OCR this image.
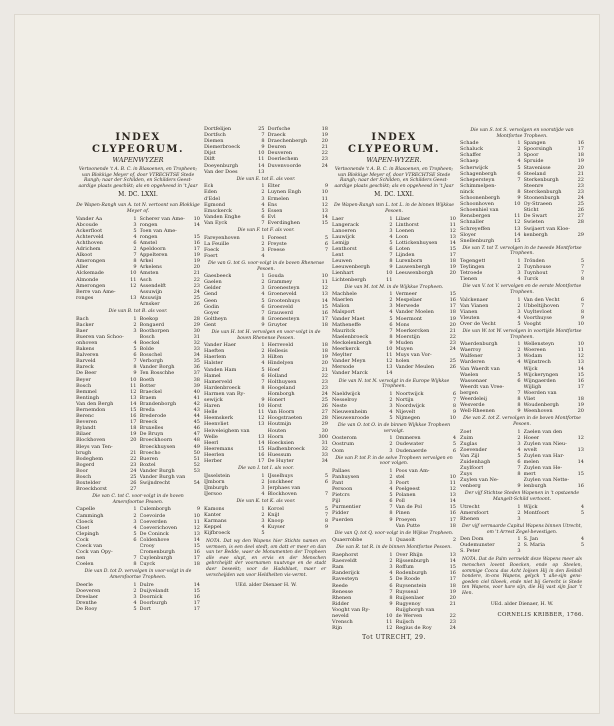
INDEX CLYPEORUM.
WAPENWYZER
Vertoonende 't A. B. C. in Blasoenen, en Tropheen; van Blokkige Meyer of, door VTRECHTSE Stede Rangh; naar der Schilden, en Schilders Geest-aardige plaats geschikt; als en opgeheesd in 't Jaar
M. DC. LXXI.
De Wapen-Rangh van A. tot N. vertoont van Blokkige Meyer of.
Vander Aa	1 Scherer van Ame-	10
Abcoude	3 rongen	14
Ackerfloot	5 Toen van Ame-
Achterveld	4 rongen	15
Achthoven	6 Amstel	16
Adrichem	2 Apeldoorn	17
Alkoot	7 Appelteren	19
Amerongen	8 Arkel	19
Aller	9 Arkelens	20
Alckemade	10 Amsten	21
Almonde	11 Asch	22
Amerongen	12 Assendelft	23
Berre van Ame-	Assuwijn	24
ronges	13 Atsuwijn	25
Arnsker	26
Die van B. tot B. als voor.
Bach	1 Boekop	28
Backer	2 Bongaerd	29
Baer	3 Boothorpen	30
Bueren van Schoo-	Bosch	31
onhoven	4 Boeckel	32
Bakens	5 Bolde	33
Balveren	6 Bosschel	34
Barveld	7 Verborgh	35
Bareck	8 Vander Borgh	36
De Beer	9 Ten Bosschhe	37
Beyer	10 Boeth	38
Bosch	11 Botter	39
Bemmel	12 Braeckel	40
Bentingh	13 Braem	41
Van den Bergh	14 Brandenborgh	42
Bernemdon	15 Breda	43
Berenc	16 Brederode	44
Beveren	17 Breeck	45
Bylandt	18 Bruxelles	46
Bilaer	19 De Bruyn	47
Blockhoven	20 Broeckhoorn	48
Bleys van Ten-	Broeckhuysen	49
brugh	21 Broecho	50
Bodeghem	22 Bueren	51
Bogerd	23 Boxtel	52
Boor	24 Vander Burgh	53
Bosch	25 Vander Burgh van
Boxtelder	26 Swijndrecht	54
Broeckhorst	27
Die van C. tot C. voor-volgt in de hoven Amersfoortse Pesoen.
Capelle	1 Culemborgh	9
Cammingh	2 Coevoirde	10
Cloeck	3 Coeverden	11
Cloet	4 Coeverichoven	12
Clepingh	5 De Coninck	13
Cock	6 Coldenhove	14
Coeck van	Crooy	15
Cock van Opy-	Cromenburgh	16
nen	7 Cuylenburgh	17
Coelen	8 Cuyck	18
Die van D. tot D. vervolgen in voor-volgt in de Amersfoortse Tropheen.
Deerle	1 Dulre	14
Doeveren	2 Duijvelandt	15
Dreelaer	3 Doornick	16
Drenthe	4 Doorburgh	17
De Rooy	5 Dort	17
Dortfelijen	25 Dorfsche	18
Dortfsch	7 Draeck	19
Diemen	8 Draechenbergh	20
Diemerbroeck	9 Deuren	21
Dijst	10 Deuveren	22
Dilft	11 Doerlechem	23
Doeyenburgh	14 Duvenvoorde	24
Van der Does	13
Die van E. tot E. als voor.
Eck	1 Elter	9
Eden	2 Luynen Engh	10
d'Edel	3 Ermelen	11
Egmond	4 Ens	12
Emsckerck	5 Essen	13
Vanden Enghe	6 Evl	14
Van Eyck	7 Everdinghen	15
Die van F. tot F. als voor.
Fareyenhoven	1 Foreest	5
La Feuille	2 Freyste	6
Foeck	3 Freese	7
Foert	4
Die van G. tot G. voor-volgt in de boven Rhenense Pesoen.
Gaesbeeck	1 Gouda	10
Gaelen	2 Grammey	11
Gelder	3 Groenesteyn	12
Gend	4 Groeneveld	13
Geen	5 Grootenhuys	14
Godin	6 Groesveld	15
Goyer	7 Grauwerd	16
Goltheyn	8 Groenesteyn	17
Gent	9 Gruyter	18
Die van H. tot H. vervolgen en voor-volgt in de boven Rhenense Pesoen.
Vander Haer	1 Herreveld	18
Haeften	2 Hellesis	18
Haerlem	3 Hilten	19
Halster	4 Hindelyen	20
Vanden Ham	5 Hoef	21
Hamel	6 Holland	22
Hamerveld	7 Holthuysen	23
Hardenbroeck	8 Hoogeland	23
Harmen van Ry-	Homborgh	24
sewijck	9 Honert	25
Haren	10 Horst	26
Helle	11 Van Hoorn	27
Heemskerk	12 Hoogstraeten	28
Heenvliet	13 Houtmijn	29
Heiveleighem van	Houten	30
Welle	13 Hoorn	300
Heerl	14 Hoecksien	31
Heeremans	15 Hadhenbroeck	32
Heerlen	16 Huessum	33
Herber	17 De Huyter	34
Die van I. tot I. als voor.
IJsselstein	1 IJsselhuys	5
IJmborn	2 Jonckheer	6
IJmburgh	3 Jerphaes van
IJersoo	4 Blockhoven	7
Die van K. tot K. als voor.
Kamons	1 Korcel	5
Kanter	2 Knijf	7
Karmans	3 Knoop	8
Keppel	4 Kuyser	9
Kijfbroeck	5
NOTA. Dat wy den Wapens hier Stichts namen en vermoen, is een deel stedt, om datt er meer en dan van ter Bedde, waer de Monumenten der Tropheen alle ewe sluyt, en ervis en der Menschen gebrcheijdt der voornamen nuutvnge en de stadt daer beseekt; voor de Hadsblaet, maer er verscheijden van voor Heldhelten vis-vermt.
UEd. alder Dienaer H. W.
INDEX CLYPEORUM.
WAPEN-WYZER.
Vertoonende 't A. B. C. in Blasoenen, en Tropheen; van Blokkige Meyer of, door VTRECHTSE Stede Rangh; naar der Schilden, en Schilders Geest-aardige plaats geschikt; als en opgeheesd in 't Jaar
M. DC. LXXI.
De Wapen-Rangh van L. tot L. in de binnen Wijkkse Pesoen.
Laer	1 Lilaer	10
Langerack	2 Linthorst	11
Lanoeren	3 Loenen	12
Lauwijck	4 Loon	13
Lemijp	5 Lottickenhuysen	14
Lenthorst	6 Loten	15
Lent	7 Lijnden	17
Leuwen	8 Lurenborn	18
Leeuwenbergh	9 Lauwenbergh	19
Lienhart	10 Leeuwenborgh	20
Lichtenbergh	11
Die van M. tot M. in de Wijkkse Tropheen.
Machhele	1 Vermeer	15
Maerlen	2 Mespelaer	16
Malion	3 Merwede	17
Malsport	4 Vander Moelen	18
Vander Maet	5 Moermont	19
Matheneffe	6 Mons	20
Mauritck	7 Moerkercken	21
Maelenbroeck	8 Moerstijn	22
Meckelenbergh	9 Muden	23
Meerkerck	10 Muyen	24
Meylter	11 Muys van Vor-
Vander Meyn	12 holen	25
Mersode	13 Vander Meulen	26
Vander Marck	14
Die van N. tot N. vervolgt in de Europe Wijkkse Tropheen.
Naeldwijck	1 Noortwijck	6
Nesselroy	2 Nortijn	7
Neste	3 Noordwijck	8
Nieuwenheim	4 Nijevelt	9
Nieuwenroode	5 Nijmegen	10
Die van O. tot O. in de binnen Wijkkse Tropheen vervolgt.
Oosterom	1 Ommeren	4
Oostrum	2 Oudewater	5
Oom	3 Oudenaerde	6
Die van P. tot P. in de selve Tropheen vervolgen en voor volgen.
Pallaes	1 Poos van Am-
Panhuysen	2 stel	10
Pant	3 Poort	11
Persoon	4 Poelgeest	12
Pietcrs	5 Polanen	13
Pijl	6 Poll	14
Purmentier	7 Van de Pol	15
Pidder	8 Pinen	16
Puerden	9 Proeyen	17
Van Putte	18
Die van Q. tot Q. voor-volgt in de Wijkse Tropheen.
Quaerrobbe	1 Quasolt	2
Die van R. tot R. in de binnen Montfortse Pesoen.
Raephorst	1 Over Rhijn	13
Raesveldt	2 Rijssenburgh	14
Ram	3 Roffum	15
Randerijck	4 Rodenburgh	16
Ravesteyn	5 De Roode	17
Reede	6 Ruysenstein	18
Renesse	7 Ruysseal	19
Rhenen	8 Ruijsenlaer	20
Ridder	9 Rugyenoy	21
Vooght van Ry-	Ruijghorgh van
neveld	10 de Werven	22
Vrensch	11 Ruijsch	23
Rijn	12 Regius de Roy	24
Tot UTRECHT, 29.
Die van S. tot S. vervolgen en voorstijde van Montfortse Tropheen.
Schade	1 Spangen	16
Schaluck	2 Spoorsingh	17
Schaffer	3 Spoor	18
Schaep	4 Spruide	19
Scherwijck	5 Stavenisse	20
Schagenbergh	6 Steeland	21
Schepersteyn	7 Sterkenburgh	22
Schimmelpen-	Steenre	23
ninck	8 Sterckenburgh	23
Schoonenbergh	9 Stoonenburgh	24
Schoonhoven	10 Oy-Straeen	25
Schoenhiel van	Sticht	26
Rensbergen	11 De Swart	27
Schnaller	12 Swieten	28
Schreyeffen	13 Swijaert van Kloe-
Sloyer	14 kenbergh	29
Snellenburgh	15
Die van T. tot T. vervolgen in de tweede Montfortse Tropheen.
Tegengett	1 Trönden	5
Teylingen	2 Tuynhouse	7
Tetroede	3 Tuynhout	7
Tienen	4 Turck	8
Die van V. tot V. vervolgen en de eerste Montfortse Tropheen.
Valckenaer	1 Van den Vecht	6
Van Vianen	2 Ubbeltijhoven	7
Vianen	3 Vuyltevloet	8
Vleuten	4 Voorthuyse	9
Over de Vecht	5 Vooght	10
Die van W. tot W. vervolgen in voortijde Montfortse Tropheen.
Waerdenburgh	1 Wellensteyn	10
Waerroy	2 Woereen	11
Walfener	3 Wodam	12
Warderen	4 Wijnstrech	13
Van Waerdt van	Wijck	14
Waelen	5 Wijckeryngen	15
Wassenaer	6 Wijngaerden	16
Weerdt van Vree-	Wijligh	17
bergen	7 Woerden van
Weerdeleij	8 Vliet	18
Wesverde	8 Woudenbergh	19
Well-Rheenen	9 Weenhoven	20
Die van Z. tot Z. vervolgen in de boven Montfortse Pesoen.
Zoet	1 Zaelen van den
Zuim	2 Hoeer	12
Zuglas	3 Zuylen van Nieu-
Zoevender	4 wvelt	13
Van Zijl	5 Zuylen van Har-
Zuidenhagh	6 melen	14
Zuylfoort	7 Zuylen van He-
Zuys	8 mert	15
Zuylen van Ne-	Zuylen van Nette-
venberg	9 lenburgh	16
Der vijf Stichtse Steden Wapenen in 't opstaende Mangelt-Schild vertoont.
Utrecht	1 Wijck	4
Amersfoort	2 Montfoort	5
Rhenen	3
Der vijf vermaarde Capitul Wapens binnen Utrecht, om 't Arrest Zegel-bevestigen.
Den Dom	1 S. Jan	4
Oudemunster	2 S. Maria	5
S. Peter	3
NOTA. Dat de Palm vermeldt deze Wapens meer als menschen lovent Boecken, ende op Steelen, sommige Cocca das Acht Ioijsen Hij in den Eeldoll hondere, in-ons Wapens, gelyck 't alle-sijn gens-goeden ciel tiloeek, ende niet bij Gerecht is Stede ten Wapens, voor hare sijn, die Hij vast sijn Jaar 't Hen.
UEd. alder Dienaer, H. W.
CORNELIS KRIBBER, 1766.
